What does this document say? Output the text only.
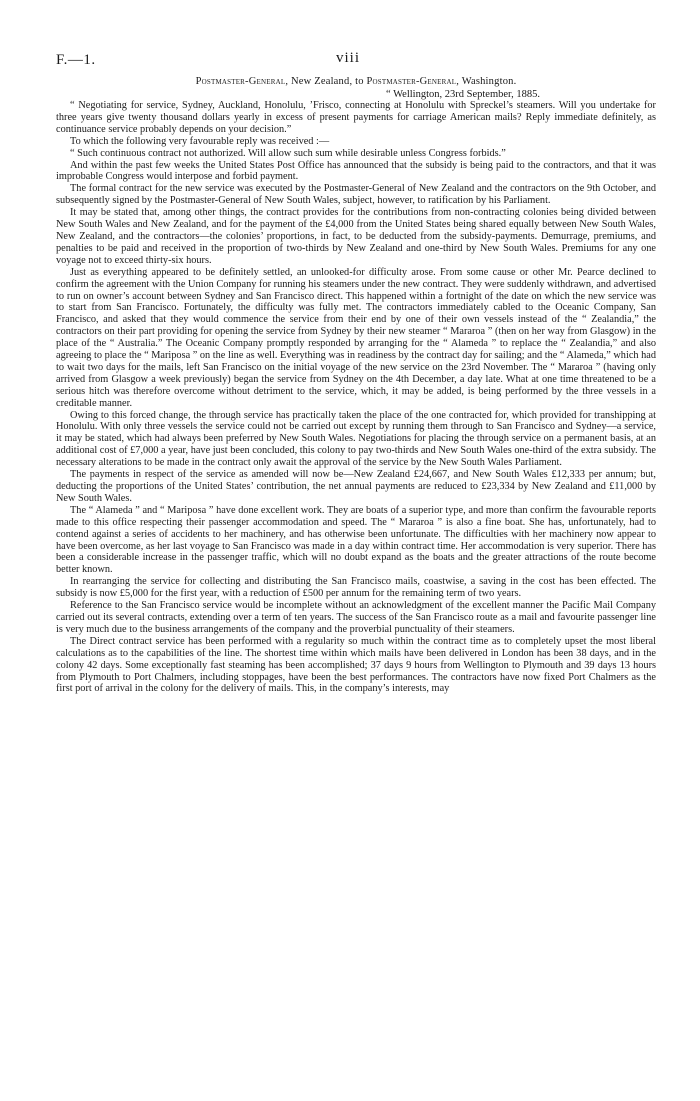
F.—1.	viii
Postmaster-General, New Zealand, to Postmaster-General, Washington.
“ Wellington, 23rd September, 1885.

“ Negotiating for service, Sydney, Auckland, Honolulu, ’Frisco, connecting at Honolulu with Spreckel’s steamers. Will you undertake for three years give twenty thousand dollars yearly in excess of present payments for carriage American mails? Reply immediate definitely, as continuance service probably depends on your decision.”

To which the following very favourable reply was received :—

“ Such continuous contract not authorized. Will allow such sum while desirable unless Congress forbids.”

And within the past few weeks the United States Post Office has announced that the subsidy is being paid to the contractors, and that it was improbable Congress would interpose and forbid payment.

The formal contract for the new service was executed by the Postmaster-General of New Zealand and the contractors on the 9th October, and subsequently signed by the Postmaster-General of New South Wales, subject, however, to ratification by his Parliament.

It may be stated that, among other things, the contract provides for the contributions from non-contracting colonies being divided between New South Wales and New Zealand, and for the payment of the £4,000 from the United States being shared equally between New South Wales, New Zealand, and the contractors—the colonies’ proportions, in fact, to be deducted from the subsidy-payments. Demurrage, premiums, and penalties to be paid and received in the proportion of two-thirds by New Zealand and one-third by New South Wales. Premiums for any one voyage not to exceed thirty-six hours.

Just as everything appeared to be definitely settled, an unlooked-for difficulty arose. From some cause or other Mr. Pearce declined to confirm the agreement with the Union Company for running his steamers under the new contract. They were suddenly withdrawn, and advertised to run on owner’s account between Sydney and San Francisco direct. This happened within a fortnight of the date on which the new service was to start from San Francisco. Fortunately, the difficulty was fully met. The contractors immediately cabled to the Oceanic Company, San Francisco, and asked that they would commence the service from their end by one of their own vessels instead of the “ Zealandia,” the contractors on their part providing for opening the service from Sydney by their new steamer “ Mararoa ” (then on her way from Glasgow) in the place of the “ Australia.” The Oceanic Company promptly responded by arranging for the “ Alameda ” to replace the “ Zealandia,” and also agreeing to place the “ Mariposa ” on the line as well. Everything was in readiness by the contract day for sailing; and the “ Alameda,” which had to wait two days for the mails, left San Francisco on the initial voyage of the new service on the 23rd November. The “ Mararoa ” (having only arrived from Glasgow a week previously) began the service from Sydney on the 4th December, a day late. What at one time threatened to be a serious hitch was therefore overcome without detriment to the service, which, it may be added, is being performed by the three vessels in a creditable manner.

Owing to this forced change, the through service has practically taken the place of the one contracted for, which provided for transhipping at Honolulu. With only three vessels the service could not be carried out except by running them through to San Francisco and Sydney—a service, it may be stated, which had always been preferred by New South Wales. Negotiations for placing the through service on a permanent basis, at an additional cost of £7,000 a year, have just been concluded, this colony to pay two-thirds and New South Wales one-third of the extra subsidy. The necessary alterations to be made in the contract only await the approval of the service by the New South Wales Parliament.

The payments in respect of the service as amended will now be—New Zealand £24,667, and New South Wales £12,333 per annum; but, deducting the proportions of the United States’ contribution, the net annual payments are reduced to £23,334 by New Zealand and £11,000 by New South Wales.

The “ Alameda ” and “ Mariposa ” have done excellent work. They are boats of a superior type, and more than confirm the favourable reports made to this office respecting their passenger accommodation and speed. The “ Mararoa ” is also a fine boat. She has, unfortunately, had to contend against a series of accidents to her machinery, and has otherwise been unfortunate. The difficulties with her machinery now appear to have been overcome, as her last voyage to San Francisco was made in a day within contract time. Her accommodation is very superior. There has been a considerable increase in the passenger traffic, which will no doubt expand as the boats and the greater attractions of the route become better known.

In rearranging the service for collecting and distributing the San Francisco mails, coastwise, a saving in the cost has been effected. The subsidy is now £5,000 for the first year, with a reduction of £500 per annum for the remaining term of two years.

Reference to the San Francisco service would be incomplete without an acknowledgment of the excellent manner the Pacific Mail Company carried out its several contracts, extending over a term of ten years. The success of the San Francisco route as a mail and favourite passenger line is very much due to the business arrangements of the company and the proverbial punctuality of their steamers.

The Direct contract service has been performed with a regularity so much within the contract time as to completely upset the most liberal calculations as to the capabilities of the line. The shortest time within which mails have been delivered in London has been 38 days, and in the colony 42 days. Some exceptionally fast steaming has been accomplished; 37 days 9 hours from Wellington to Plymouth and 39 days 13 hours from Plymouth to Port Chalmers, including stoppages, have been the best performances. The contractors have now fixed Port Chalmers as the first port of arrival in the colony for the delivery of mails. This, in the company’s interests, may
